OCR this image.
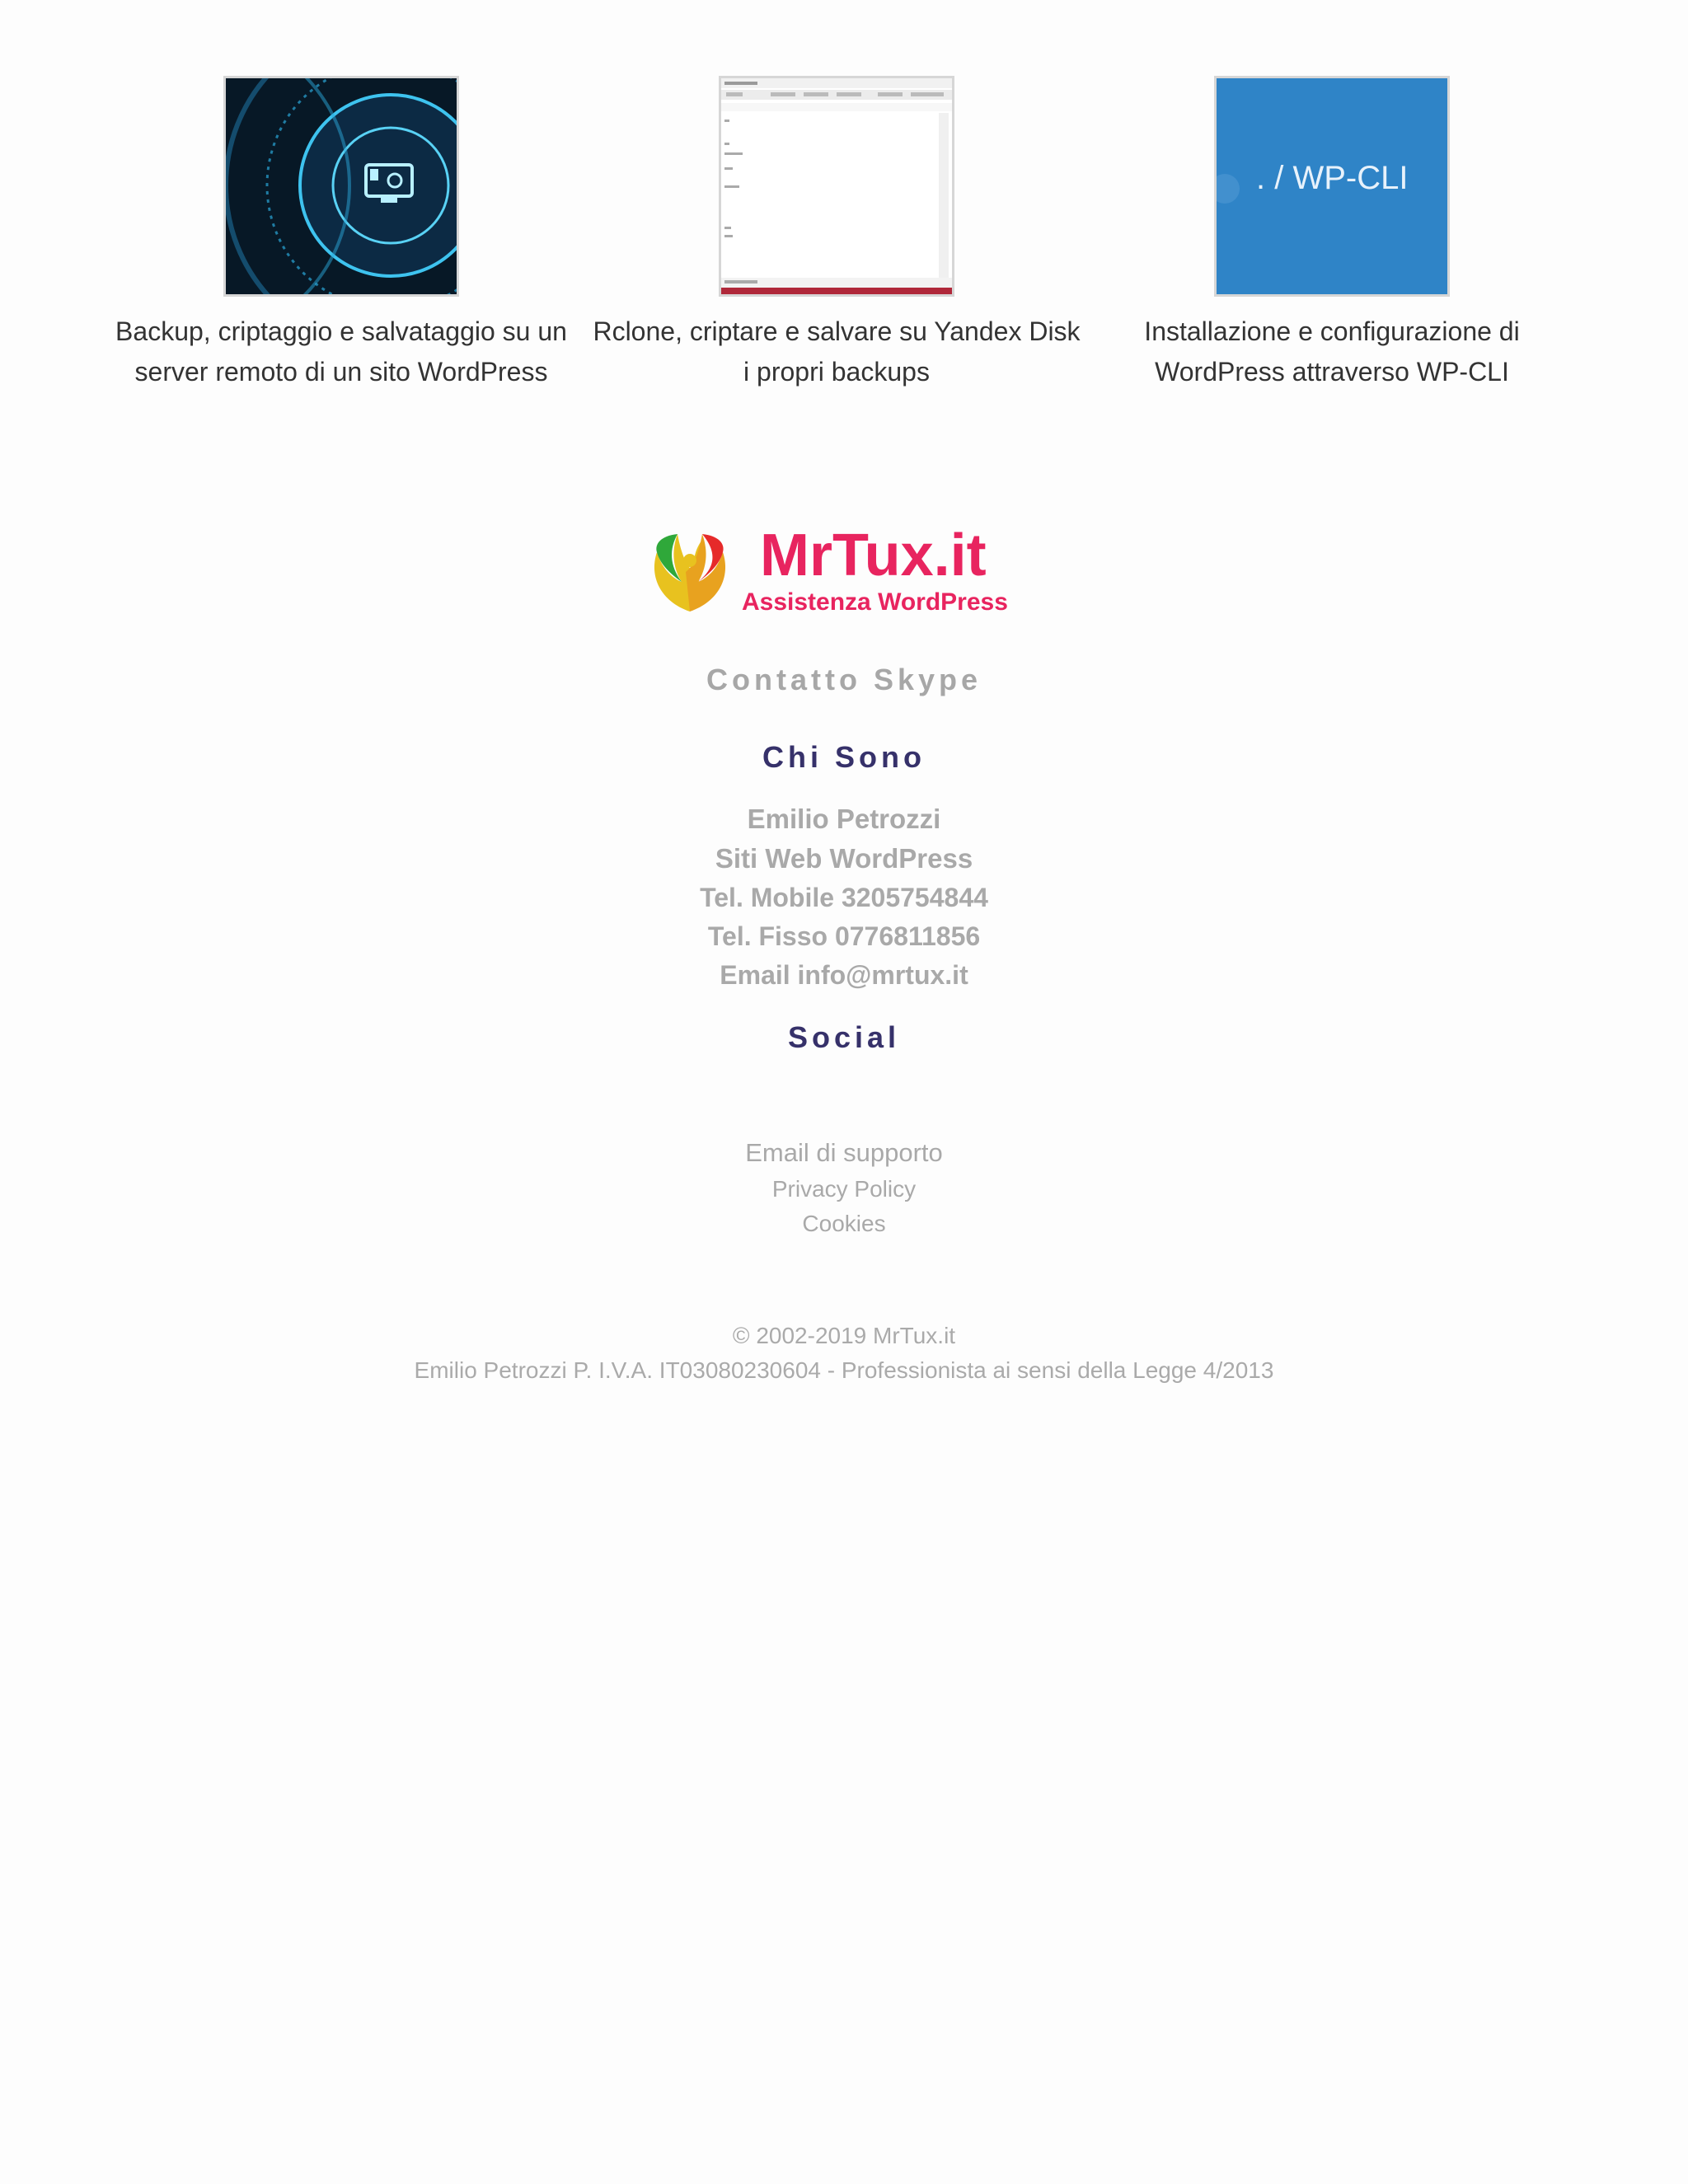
Backup, criptaggio e salvataggio su un server remoto di un sito WordPress
Rclone, criptare e salvare su Yandex Disk i propri backups
. / WP-CLI
Installazione e configurazione di WordPress attraverso WP-CLI
MrTux.it
Assistenza WordPress
Contatto Skype
Chi Sono
Emilio Petrozzi
Siti Web WordPress
Tel. Mobile 3205754844
Tel. Fisso 0776811856
Email info@mrtux.it
Social
Email di supporto
Privacy Policy
Cookies
© 2002-2019 MrTux.it
Emilio Petrozzi P. I.V.A. IT03080230604 - Professionista ai sensi della Legge 4/2013
